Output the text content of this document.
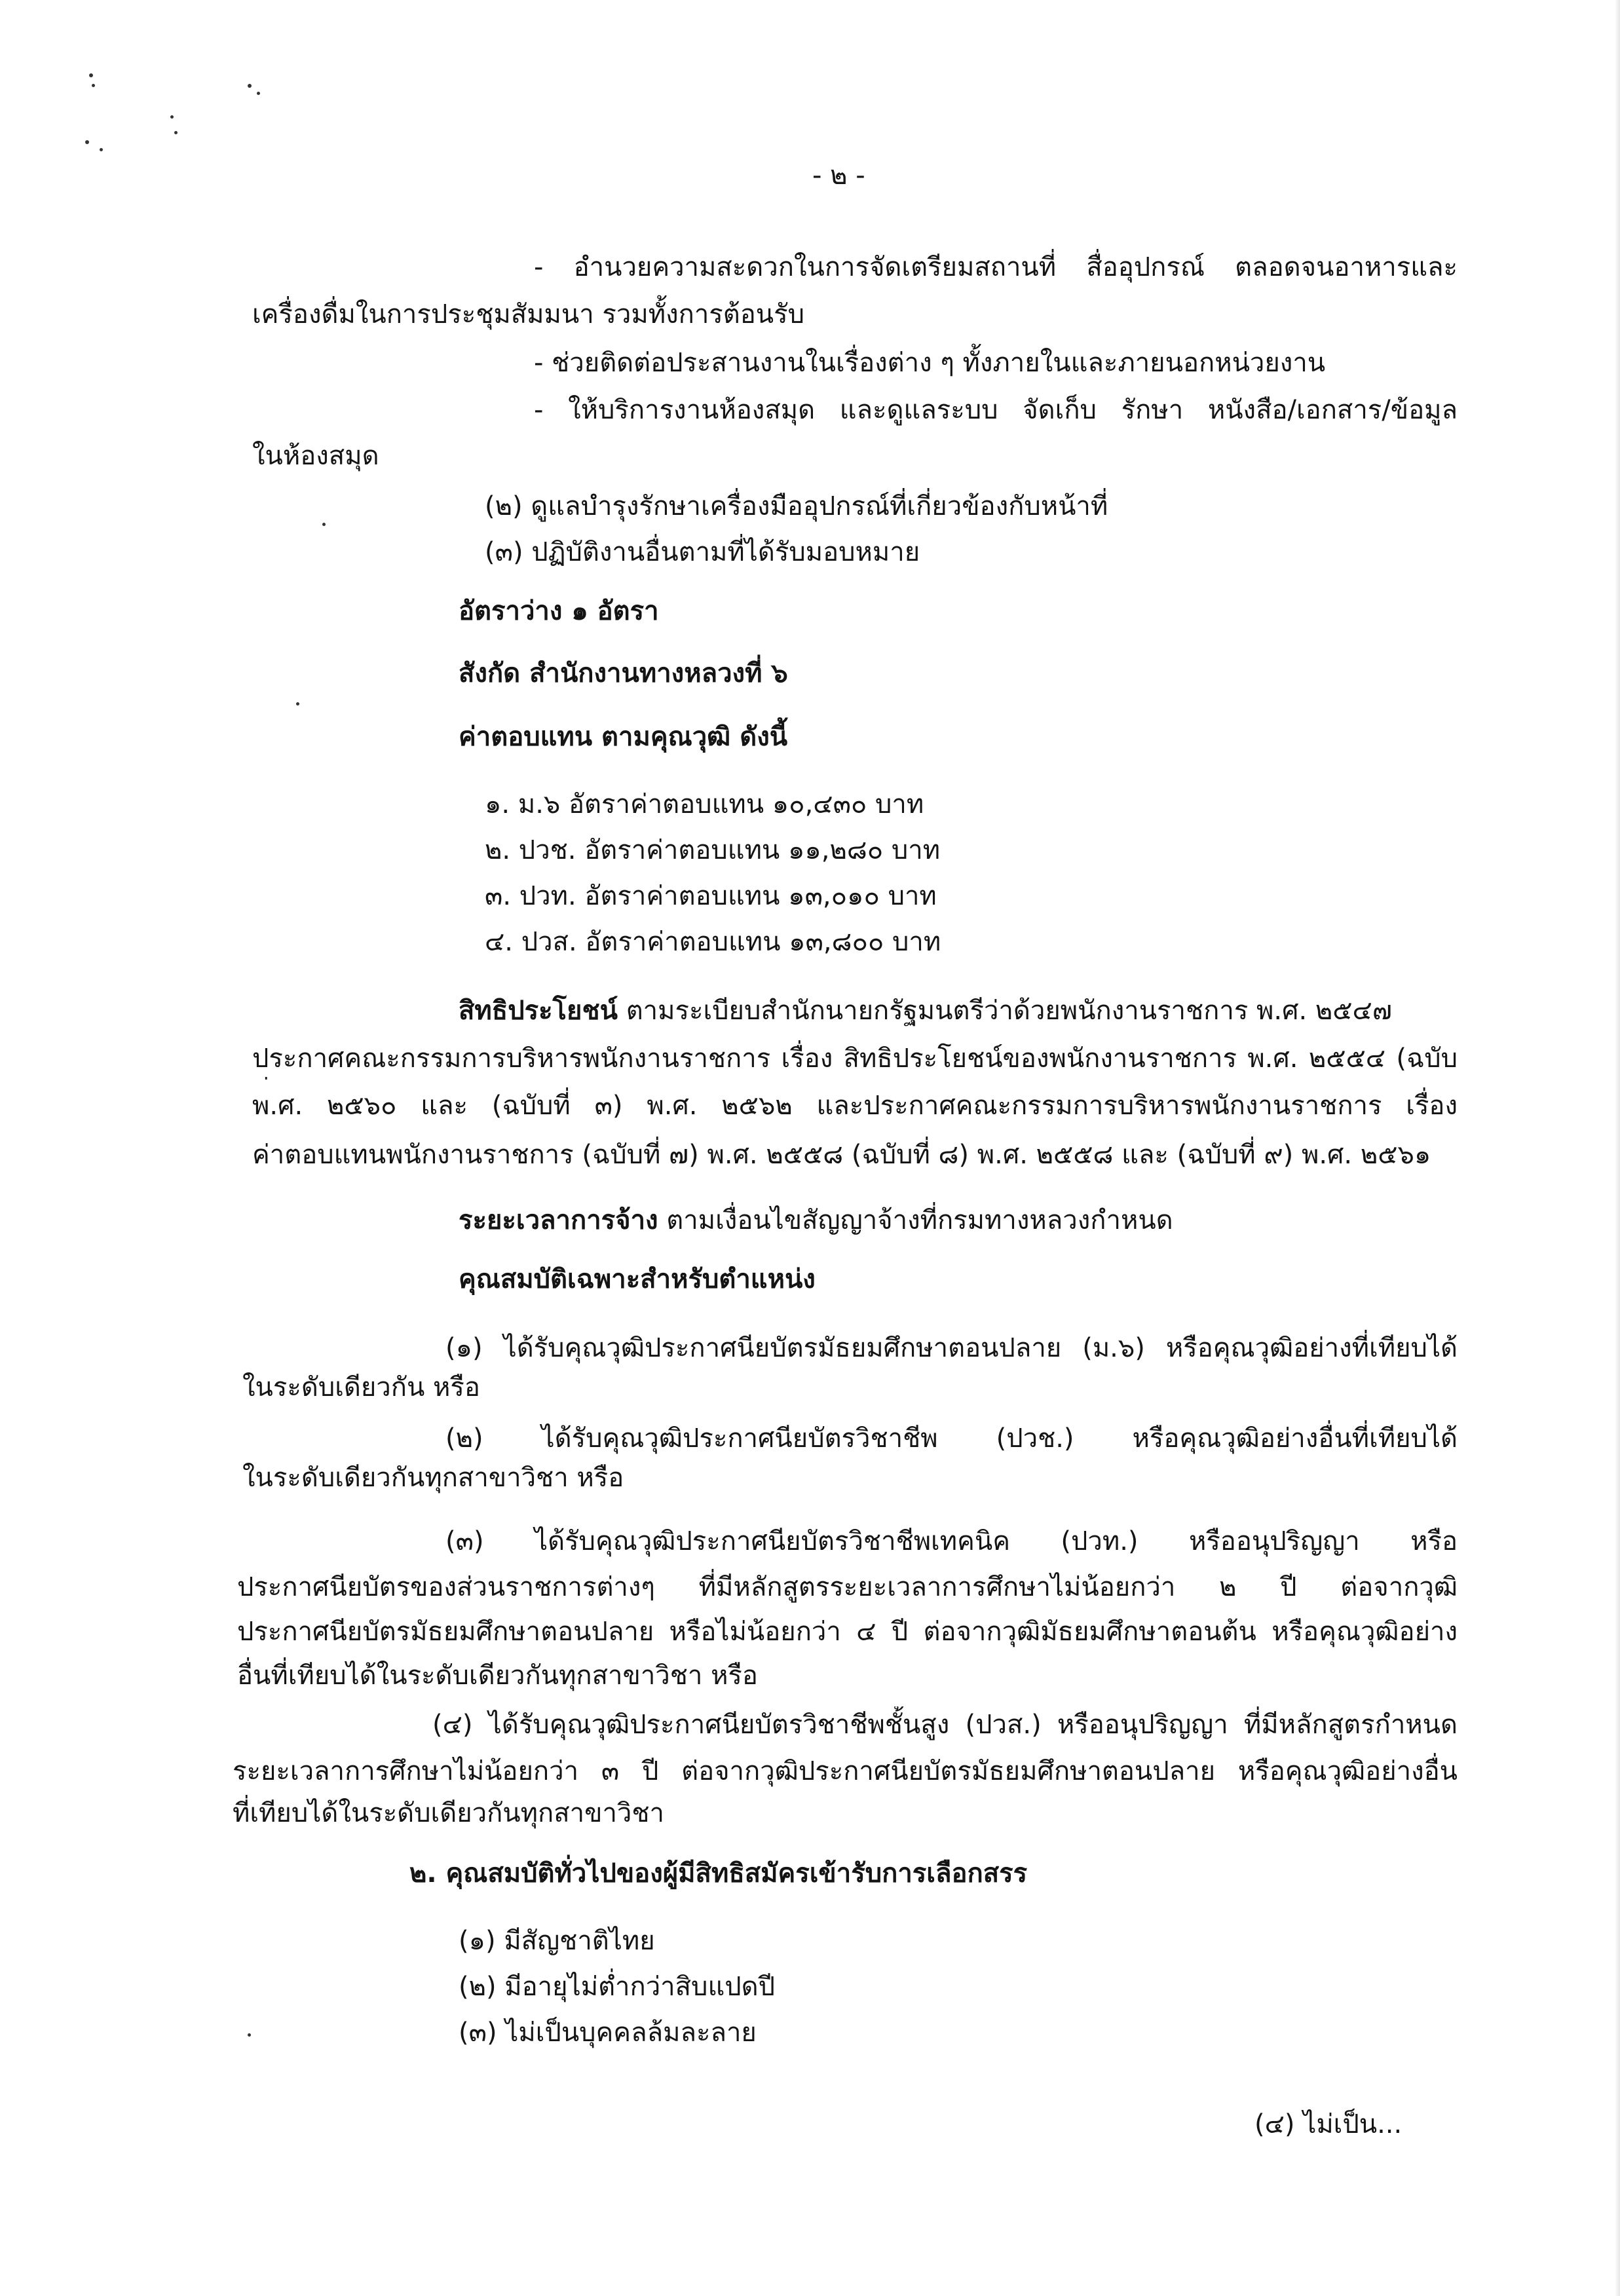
- ๒ -
- อำนวยความสะดวกในการจัดเตรียมสถานที่ สื่ออุปกรณ์ ตลอดจนอาหารและ
เครื่องดื่มในการประชุมสัมมนา รวมทั้งการต้อนรับ
- ช่วยติดต่อประสานงานในเรื่องต่าง ๆ ทั้งภายในและภายนอกหน่วยงาน
- ให้บริการงานห้องสมุด และดูแลระบบ จัดเก็บ รักษา หนังสือ/เอกสาร/ข้อมูล
ในห้องสมุด
(๒) ดูแลบำรุงรักษาเครื่องมืออุปกรณ์ที่เกี่ยวข้องกับหน้าที่
(๓) ปฏิบัติงานอื่นตามที่ได้รับมอบหมาย
อัตราว่าง ๑ อัตรา
สังกัด สำนักงานทางหลวงที่ ๖
ค่าตอบแทน ตามคุณวุฒิ ดังนี้
๑. ม.๖ อัตราค่าตอบแทน ๑๐,๔๓๐ บาท
๒. ปวช. อัตราค่าตอบแทน ๑๑,๒๘๐ บาท
๓. ปวท. อัตราค่าตอบแทน ๑๓,๐๑๐ บาท
๔. ปวส. อัตราค่าตอบแทน ๑๓,๘๐๐ บาท
สิทธิประโยชน์ ตามระเบียบสำนักนายกรัฐมนตรีว่าด้วยพนักงานราชการ พ.ศ. ๒๕๔๗
ประกาศคณะกรรมการบริหารพนักงานราชการ เรื่อง สิทธิประโยชน์ของพนักงานราชการ พ.ศ. ๒๕๕๔ (ฉบับ
พ.ศ. ๒๕๖๐ และ (ฉบับที่ ๓) พ.ศ. ๒๕๖๒ และประกาศคณะกรรมการบริหารพนักงานราชการ เรื่อง
ค่าตอบแทนพนักงานราชการ (ฉบับที่ ๗) พ.ศ. ๒๕๕๘ (ฉบับที่ ๘) พ.ศ. ๒๕๕๘ และ (ฉบับที่ ๙) พ.ศ. ๒๕๖๑
ระยะเวลาการจ้าง ตามเงื่อนไขสัญญาจ้างที่กรมทางหลวงกำหนด
คุณสมบัติเฉพาะสำหรับตำแหน่ง
(๑) ได้รับคุณวุฒิประกาศนียบัตรมัธยมศึกษาตอนปลาย (ม.๖) หรือคุณวุฒิอย่างที่เทียบได้
ในระดับเดียวกัน หรือ
(๒) ได้รับคุณวุฒิประกาศนียบัตรวิชาชีพ (ปวช.) หรือคุณวุฒิอย่างอื่นที่เทียบได้
ในระดับเดียวกันทุกสาขาวิชา หรือ
(๓) ได้รับคุณวุฒิประกาศนียบัตรวิชาชีพเทคนิค (ปวท.) หรืออนุปริญญา หรือ
ประกาศนียบัตรของส่วนราชการต่างๆ ที่มีหลักสูตรระยะเวลาการศึกษาไม่น้อยกว่า ๒ ปี ต่อจากวุฒิ
ประกาศนียบัตรมัธยมศึกษาตอนปลาย หรือไม่น้อยกว่า ๔ ปี ต่อจากวุฒิมัธยมศึกษาตอนต้น หรือคุณวุฒิอย่าง
อื่นที่เทียบได้ในระดับเดียวกันทุกสาขาวิชา หรือ
(๔) ได้รับคุณวุฒิประกาศนียบัตรวิชาชีพชั้นสูง (ปวส.) หรืออนุปริญญา ที่มีหลักสูตรกำหนด
ระยะเวลาการศึกษาไม่น้อยกว่า ๓ ปี ต่อจากวุฒิประกาศนียบัตรมัธยมศึกษาตอนปลาย หรือคุณวุฒิอย่างอื่น
ที่เทียบได้ในระดับเดียวกันทุกสาขาวิชา
๒. คุณสมบัติทั่วไปของผู้มีสิทธิสมัครเข้ารับการเลือกสรร
(๑) มีสัญชาติไทย
(๒) มีอายุไม่ต่ำกว่าสิบแปดปี
(๓) ไม่เป็นบุคคลล้มละลาย
(๔) ไม่เป็น...
